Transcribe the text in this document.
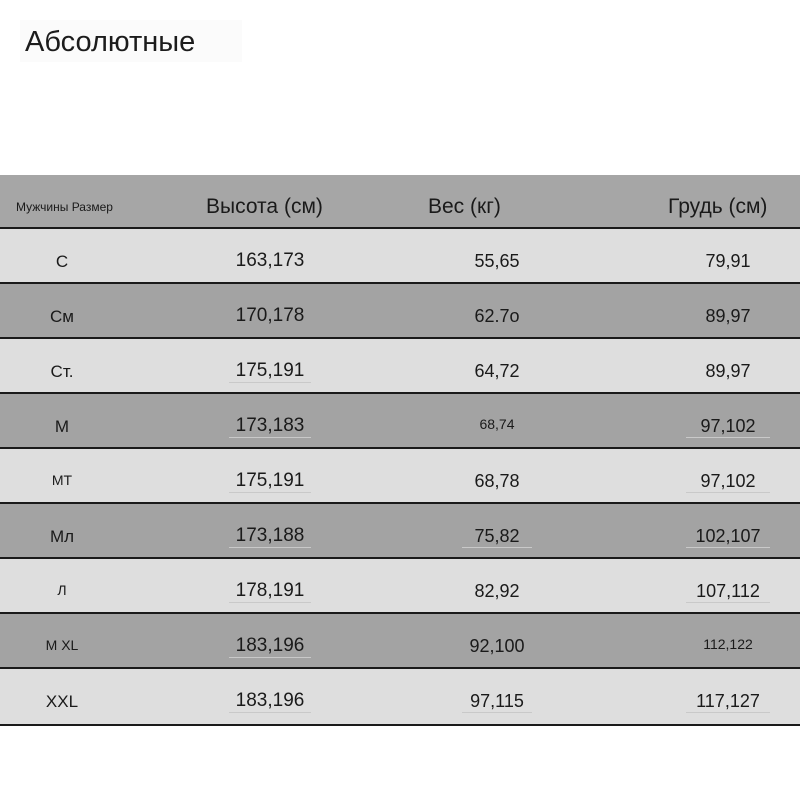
Абсолютные
Мужчины Размер	Высота (см)	Вес (кг)	Грудь (см)
С	163,173	55,65	79,91
См	170,178	62.7о	89,97
Ст.	175,191	64,72	89,97
М	173,183	68,74	97,102
МТ	175,191	68,78	97,102
Мл	173,188	75,82	102,107
Л	178,191	82,92	107,112
М XL	183,196	92,100	112,122
XXL	183,196	97,115	117,127
